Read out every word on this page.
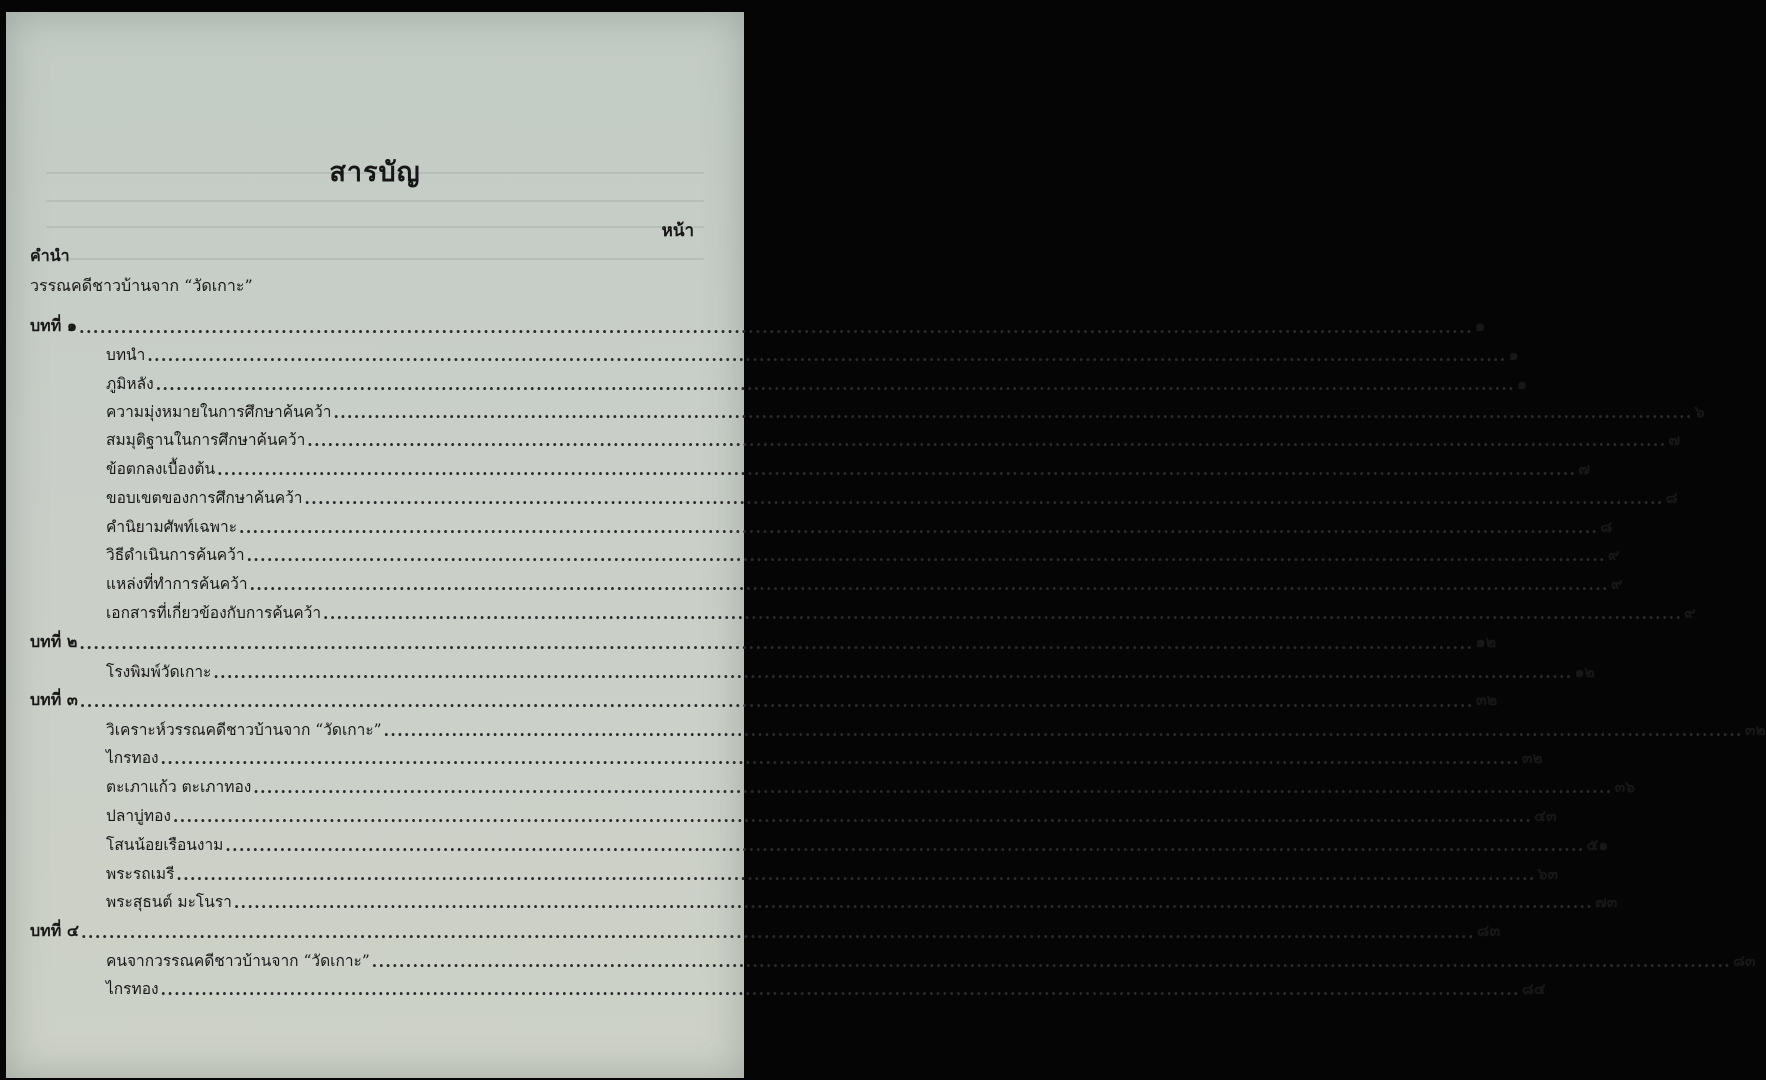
สารบัญ
หน้า
คำนำ
วรรณคดีชาวบ้านจาก “วัดเกาะ”
บทที่ ๑ ........................................................................................................................................................................................................ ๑
บทนำ ........................................................................................................................................................................................................ ๑
ภูมิหลัง ........................................................................................................................................................................................................ ๑
ความมุ่งหมายในการศึกษาค้นคว้า ........................................................................................................................................................................................................ ๖
สมมุติฐานในการศึกษาค้นคว้า ........................................................................................................................................................................................................ ๗
ข้อตกลงเบื้องต้น ........................................................................................................................................................................................................ ๗
ขอบเขตของการศึกษาค้นคว้า ........................................................................................................................................................................................................ ๘
คำนิยามศัพท์เฉพาะ ........................................................................................................................................................................................................ ๘
วิธีดำเนินการค้นคว้า ........................................................................................................................................................................................................ ๙
แหล่งที่ทำการค้นคว้า ........................................................................................................................................................................................................ ๙
เอกสารที่เกี่ยวข้องกับการค้นคว้า ........................................................................................................................................................................................................ ๙
บทที่ ๒ ........................................................................................................................................................................................................ ๑๒
โรงพิมพ์วัดเกาะ ........................................................................................................................................................................................................ ๑๒
บทที่ ๓ ........................................................................................................................................................................................................ ๓๒
วิเคราะห์วรรณคดีชาวบ้านจาก “วัดเกาะ” ........................................................................................................................................................................................................ ๓๒
ไกรทอง ........................................................................................................................................................................................................ ๓๒
ตะเภาแก้ว ตะเภาทอง ........................................................................................................................................................................................................ ๓๖
ปลาบู่ทอง ........................................................................................................................................................................................................ ๔๓
โสนน้อยเรือนงาม ........................................................................................................................................................................................................ ๕๑
พระรถเมรี ........................................................................................................................................................................................................ ๖๓
พระสุธนต์ มะโนรา ........................................................................................................................................................................................................ ๗๓
บทที่ ๔ ........................................................................................................................................................................................................ ๘๓
คนจากวรรณคดีชาวบ้านจาก “วัดเกาะ” ........................................................................................................................................................................................................ ๘๓
ไกรทอง ........................................................................................................................................................................................................ ๘๔
